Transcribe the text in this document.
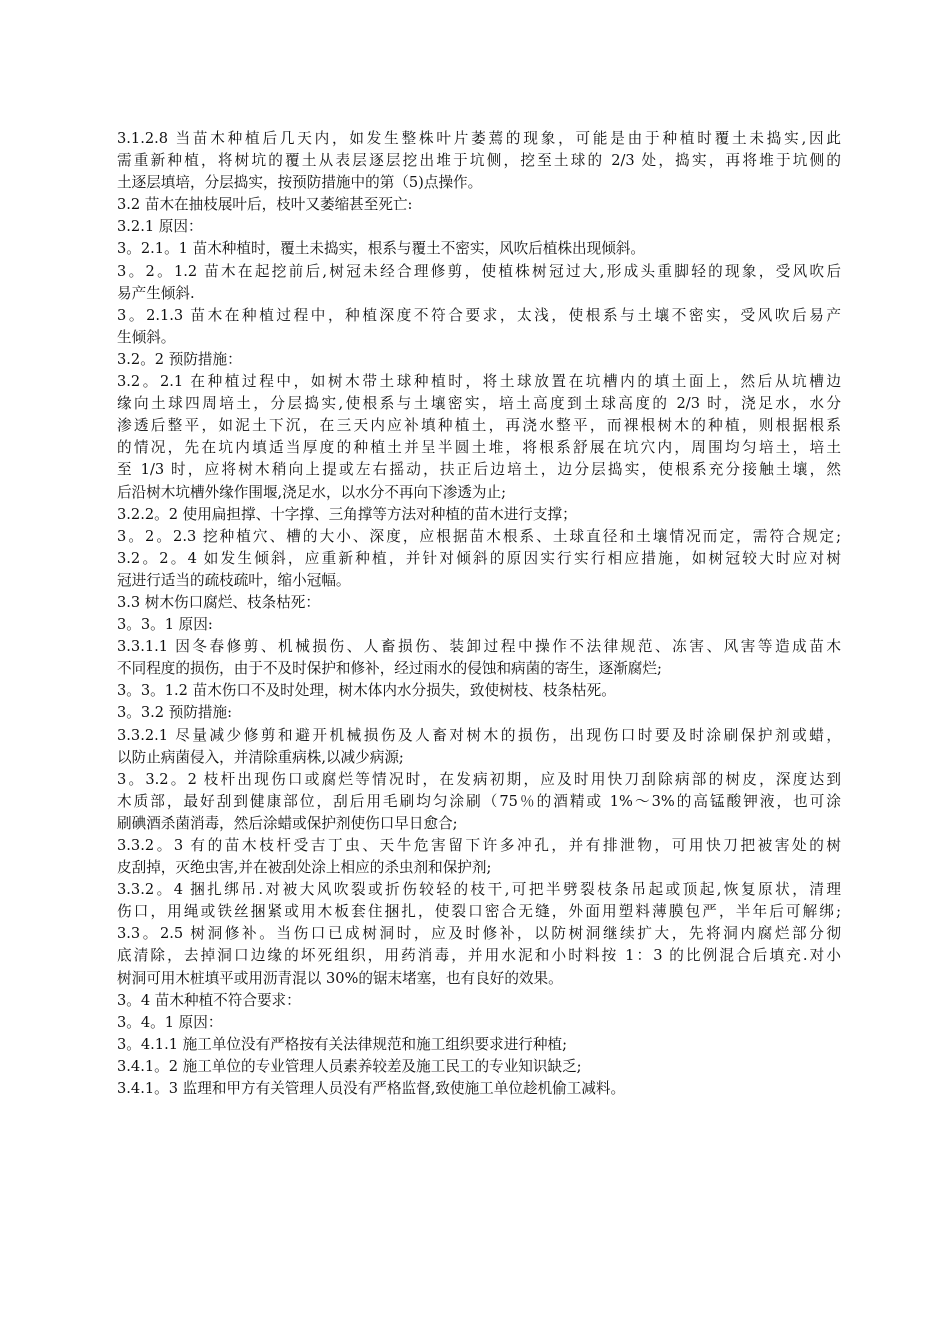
3.1.2.8 当苗木种植后几天内，如发生整株叶片萎蔫的现象，可能是由于种植时覆土未捣实,因此
需重新种植，将树坑的覆土从表层逐层挖出堆于坑侧，挖至土球的 2/3 处，捣实，再将堆于坑侧的
土逐层填培，分层捣实，按预防措施中的第（5)点操作。
3.2 苗木在抽枝展叶后，枝叶又萎缩甚至死亡:
3.2.1 原因：
3。2.1。1 苗木种植时，覆土未捣实，根系与覆土不密实，风吹后植株出现倾斜。
3。2。1.2 苗木在起挖前后,树冠未经合理修剪，使植株树冠过大,形成头重脚轻的现象，受风吹后
易产生倾斜.
3。2.1.3 苗木在种植过程中，种植深度不符合要求，太浅，使根系与土壤不密实，受风吹后易产
生倾斜。
3.2。2 预防措施：
3.2。2.1 在种植过程中，如树木带土球种植时，将土球放置在坑槽内的填土面上，然后从坑槽边
缘向土球四周培土，分层捣实,使根系与土壤密实，培土高度到土球高度的 2/3 时，浇足水，水分
渗透后整平，如泥土下沉，在三天内应补填种植土，再浇水整平，而裸根树木的种植，则根据根系
的情况，先在坑内填适当厚度的种植土并呈半圆土堆，将根系舒展在坑穴内，周围均匀培土，培土
至 1/3 时，应将树木稍向上提或左右摇动，扶正后边培土，边分层捣实，使根系充分接触土壤，然
后沿树木坑槽外缘作围堰,浇足水，以水分不再向下渗透为止;
3.2.2。2 使用扁担撑、十字撑、三角撑等方法对种植的苗木进行支撑；
3。2。2.3 挖种植穴、槽的大小、深度，应根据苗木根系、土球直径和土壤情况而定，需符合规定;
3.2。2。4 如发生倾斜，应重新种植，并针对倾斜的原因实行实行相应措施，如树冠较大时应对树
冠进行适当的疏枝疏叶，缩小冠幅。
3.3 树木伤口腐烂、枝条枯死：
3。3。1 原因:
3.3.1.1 因冬春修剪、机械损伤、人畜损伤、装卸过程中操作不法律规范、冻害、风害等造成苗木
不同程度的损伤，由于不及时保护和修补，经过雨水的侵蚀和病菌的寄生，逐渐腐烂;
3。3。1.2 苗木伤口不及时处理，树木体内水分损失，致使树枝、枝条枯死。
3。3.2 预防措施:
3.3.2.1 尽量减少修剪和避开机械损伤及人畜对树木的损伤，出现伤口时要及时涂刷保护剂或蜡，
以防止病菌侵入，并清除重病株,以减少病源;
3。3.2。2 枝杆出现伤口或腐烂等情况时，在发病初期，应及时用快刀刮除病部的树皮，深度达到
木质部，最好刮到健康部位，刮后用毛刷均匀涂刷（75％的酒精或 1%～3%的高锰酸钾液，也可涂
刷碘酒杀菌消毒，然后涂蜡或保护剂使伤口早日愈合;
3.3.2。3 有的苗木枝杆受吉丁虫、天牛危害留下许多冲孔，并有排泄物，可用快刀把被害处的树
皮刮掉，灭绝虫害,并在被刮处涂上相应的杀虫剂和保护剂;
3.3.2。4 捆扎绑吊.对被大风吹裂或折伤较轻的枝干,可把半劈裂枝条吊起或顶起,恢复原状，清理
伤口，用绳或铁丝捆紧或用木板套住捆扎，使裂口密合无缝，外面用塑料薄膜包严，半年后可解绑;
3.3。2.5 树洞修补。当伤口已成树洞时，应及时修补，以防树洞继续扩大，先将洞内腐烂部分彻
底清除，去掉洞口边缘的坏死组织，用药消毒，并用水泥和小时料按 1：3 的比例混合后填充.对小
树洞可用木桩填平或用沥青混以 30%的锯末堵塞，也有良好的效果。
3。4 苗木种植不符合要求：
3。4。1 原因：
3。4.1.1 施工单位没有严格按有关法律规范和施工组织要求进行种植;
3.4.1。2 施工单位的专业管理人员素养较差及施工民工的专业知识缺乏;
3.4.1。3 监理和甲方有关管理人员没有严格监督,致使施工单位趁机偷工减料。
